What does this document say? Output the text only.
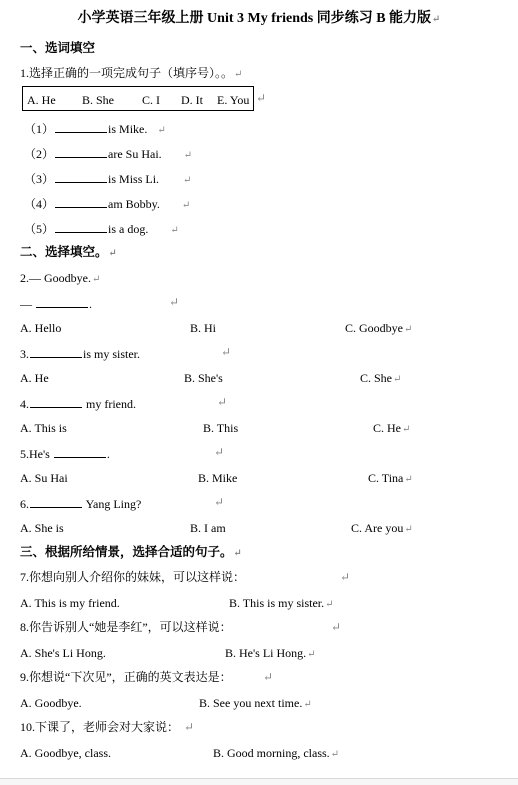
小学英语三年级上册 Unit 3 My friends 同步练习 B 能力版↵
一、选词填空
1.选择正确的一项完成句子（填序号）。。↵
A. He B. She C. I D. It E. You ↵
（1）	is Mike. ↵
（2）	are Su Hai. ↵
（3）	is Miss Li. ↵
（4）	am Bobby. ↵
（5）	is a dog. ↵
二、选择填空。↵
2.— Goodbye.↵
—	.	↵
A. Hello	B. Hi	C. Goodbye↵
3.	is my sister.	↵
A. He	B. She's	C. She↵
4.	my friend.	↵
A. This is	B. This	C. He↵
5.He's	.	↵
A. Su Hai	B. Mike	C. Tina↵
6.	Yang Ling?	↵
A. She is	B. I am	C. Are you↵
三、根据所给情景，选择合适的句子。↵
7.你想向别人介绍你的妹妹，可以这样说：	↵
A. This is my friend.	B. This is my sister.↵
8.你告诉别人“她是李红”，可以这样说：	↵
A. She's Li Hong.	B. He's Li Hong.↵
9.你想说“下次见”，正确的英文表达是：	↵
A. Goodbye.	B. See you next time.↵
10.下课了，老师会对大家说： ↵
A. Goodbye, class.	B. Good morning, class.↵
